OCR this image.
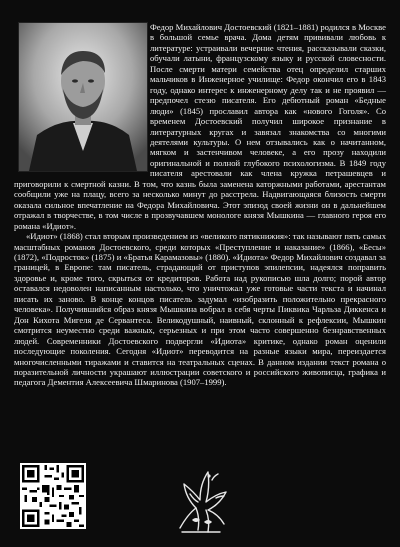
Федор Михайлович Достоевский (1821–1881) родился в Москве в большой семье врача. Дома детям прививали любовь к литературе: устраивали вечерние чтения, рассказывали сказки, обучали латыни, французскому языку и русской словесности. После смерти матери семейства отец определил старших мальчиков в Инженерное училище: Федор окончил его в 1843 году, однако интерес к инженерному делу так и не проявил — предпочел стезю писателя. Его дебютный роман «Бедные люди» (1845) прославил автора как «нового Гоголя». Со временем Достоевский получил широкое признание в литературных кругах и завязал знакомства со многими деятелями культуры. О нем отзывались как о начитанном, мягком и застенчивом человеке, а его прозу находили оригинальной и полной глубокого психологизма. В 1849 году писателя арестовали как члена кружка петрашевцев и приговорили к смертной казни. В том, что казнь была заменена каторжными работами, арестантам сообщили уже на плацу, всего за несколько минут до расстрела. Надвигающаяся близость смерти оказала сильное впечатление на Федора Михайловича. Этот эпизод своей жизни он в дальнейшем отражал в творчестве, в том числе в прозвучавшем монологе князя Мышкина — главного героя его романа «Идиот».

«Идиот» (1868) стал вторым произведением из «великого пятикнижия»: так называют пять самых масштабных романов Достоевского, среди которых «Преступление и наказание» (1866), «Бесы» (1872), «Подросток» (1875) и «Братья Карамазовы» (1880). «Идиота» Федор Михайлович создавал за границей, в Европе: там писатель, страдающий от приступов эпилепсии, надеялся поправить здоровье и, кроме того, скрыться от кредиторов. Работа над рукописью шла долго; порой автор оставался недоволен написанным настолько, что уничтожал уже готовые части текста и начинал писать их заново. В конце концов писатель задумал «изобразить положительно прекрасного человека». Получившийся образ князя Мышкина вобрал в себя черты Пиквика Чарльза Диккенса и Дон Кихота Мигеля де Сервантеса. Великодушный, наивный, склонный к рефлексии, Мышкин смотрится неуместно среди важных, серьезных и при этом часто совершенно безнравственных людей. Современники Достоевского подвергли «Идиота» критике, однако роман оценили последующие поколения. Сегодня «Идиот» переводится на разные языки мира, переиздается многочисленными тиражами и ставится на театральных сценах. В данном издании текст романа о поразительной личности украшают иллюстрации советского и российского живописца, графика и педагога Дементия Алексеевича Шмаринова (1907–1999).
